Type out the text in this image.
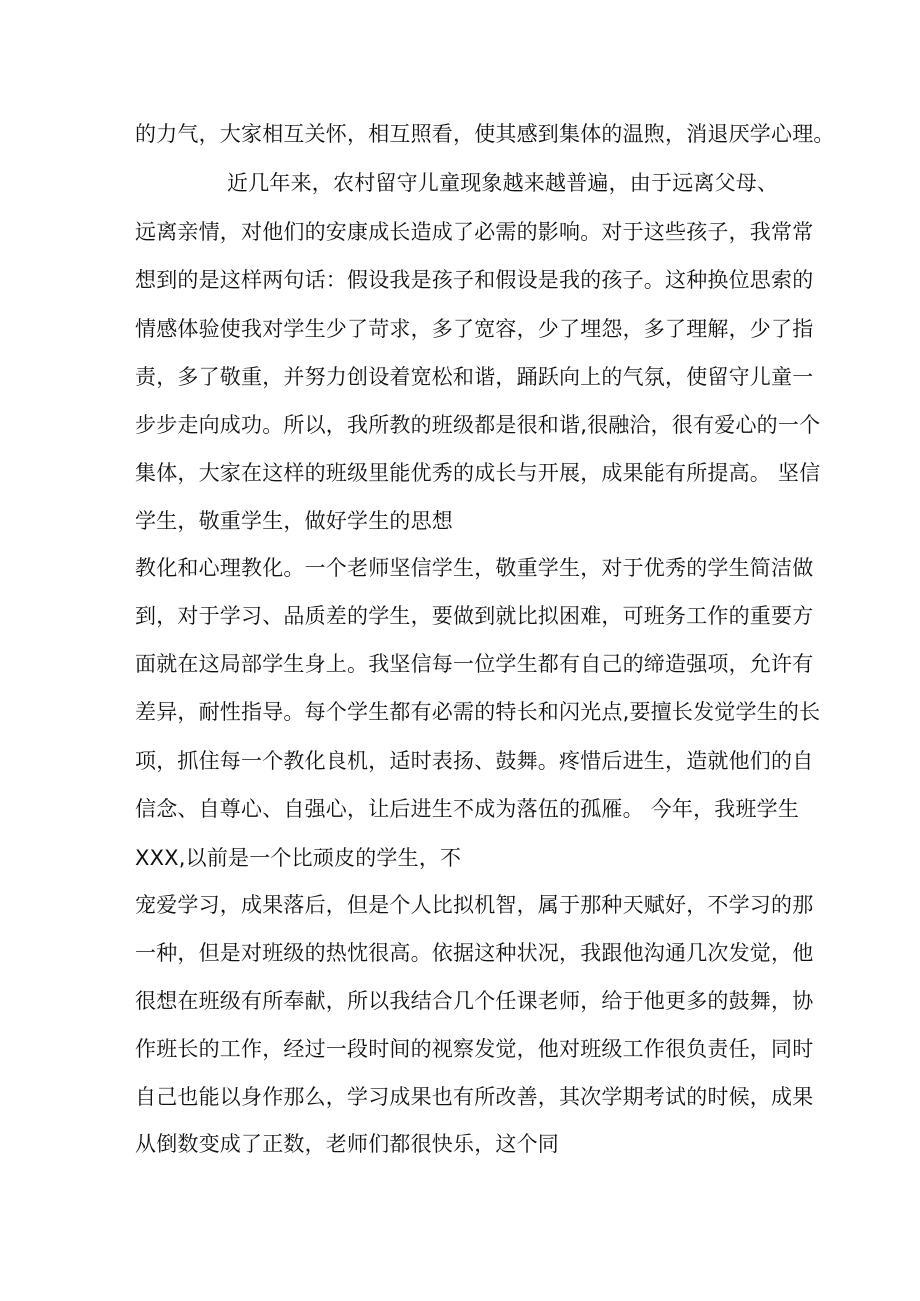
的力气，大家相互关怀，相互照看，使其感到集体的温煦，消退厌学心理。
近几年来，农村留守儿童现象越来越普遍，由于远离父母、
远离亲情，对他们的安康成长造成了必需的影响。对于这些孩子，我常常
想到的是这样两句话：假设我是孩子和假设是我的孩子。这种换位思索的
情感体验使我对学生少了苛求，多了宽容，少了埋怨，多了理解，少了指
责，多了敬重，并努力创设着宽松和谐，踊跃向上的气氛，使留守儿童一
步步走向成功。所以，我所教的班级都是很和谐,很融洽，很有爱心的一个
集体，大家在这样的班级里能优秀的成长与开展，成果能有所提高。 坚信
学生，敬重学生，做好学生的思想
教化和心理教化。一个老师坚信学生，敬重学生，对于优秀的学生简洁做
到，对于学习、品质差的学生，要做到就比拟困难，可班务工作的重要方
面就在这局部学生身上。我坚信每一位学生都有自己的缔造强项，允许有
差异，耐性指导。每个学生都有必需的特长和闪光点,要擅长发觉学生的长
项，抓住每一个教化良机，适时表扬、鼓舞。疼惜后进生，造就他们的自
信念、自尊心、自强心，让后进生不成为落伍的孤雁。 今年，我班学生
XXX,以前是一个比顽皮的学生，不
宠爱学习，成果落后，但是个人比拟机智，属于那种天赋好，不学习的那
一种，但是对班级的热忱很高。依据这种状况，我跟他沟通几次发觉，他
很想在班级有所奉献，所以我结合几个任课老师，给于他更多的鼓舞，协
作班长的工作，经过一段时间的视察发觉，他对班级工作很负责任，同时
自己也能以身作那么，学习成果也有所改善，其次学期考试的时候，成果
从倒数变成了正数，老师们都很快乐，这个同
